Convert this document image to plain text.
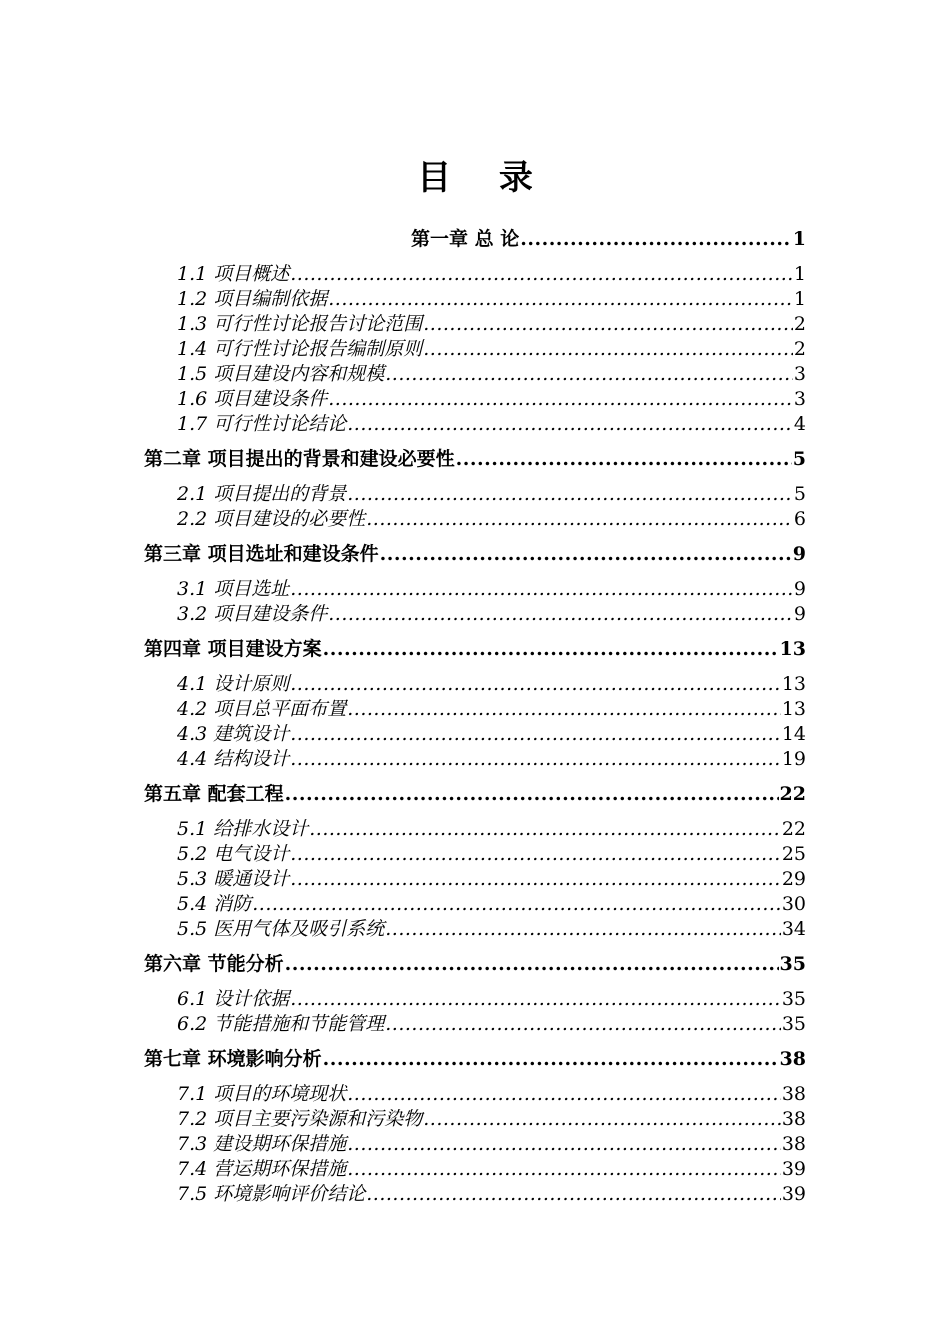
目 录
第一章 总 论 .....	1
1.1 项目概述 .....	1
1.2 项目编制依据 .....	1
1.3 可行性讨论报告讨论范围 .....	2
1.4 可行性讨论报告编制原则 .....	2
1.5 项目建设内容和规模 .....	3
1.6 项目建设条件 .....	3
1.7 可行性讨论结论 .....	4
第二章 项目提出的背景和建设必要性 .....	5
2.1 项目提出的背景 .....	5
2.2 项目建设的必要性 .....	6
第三章 项目选址和建设条件 .....	9
3.1 项目选址 .....	9
3.2 项目建设条件 .....	9
第四章 项目建设方案 .....	13
4.1 设计原则 .....	13
4.2 项目总平面布置 .....	13
4.3 建筑设计 .....	14
4.4 结构设计 .....	19
第五章 配套工程 .....	22
5.1 给排水设计 .....	22
5.2 电气设计 .....	25
5.3 暖通设计 .....	29
5.4 消防 .....	30
5.5 医用气体及吸引系统 .....	34
第六章 节能分析 .....	35
6.1 设计依据 .....	35
6.2 节能措施和节能管理 .....	35
第七章 环境影响分析 .....	38
7.1 项目的环境现状 .....	38
7.2 项目主要污染源和污染物 .....	38
7.3 建设期环保措施 .....	38
7.4 营运期环保措施 .....	39
7.5 环境影响评价结论 .....	39
